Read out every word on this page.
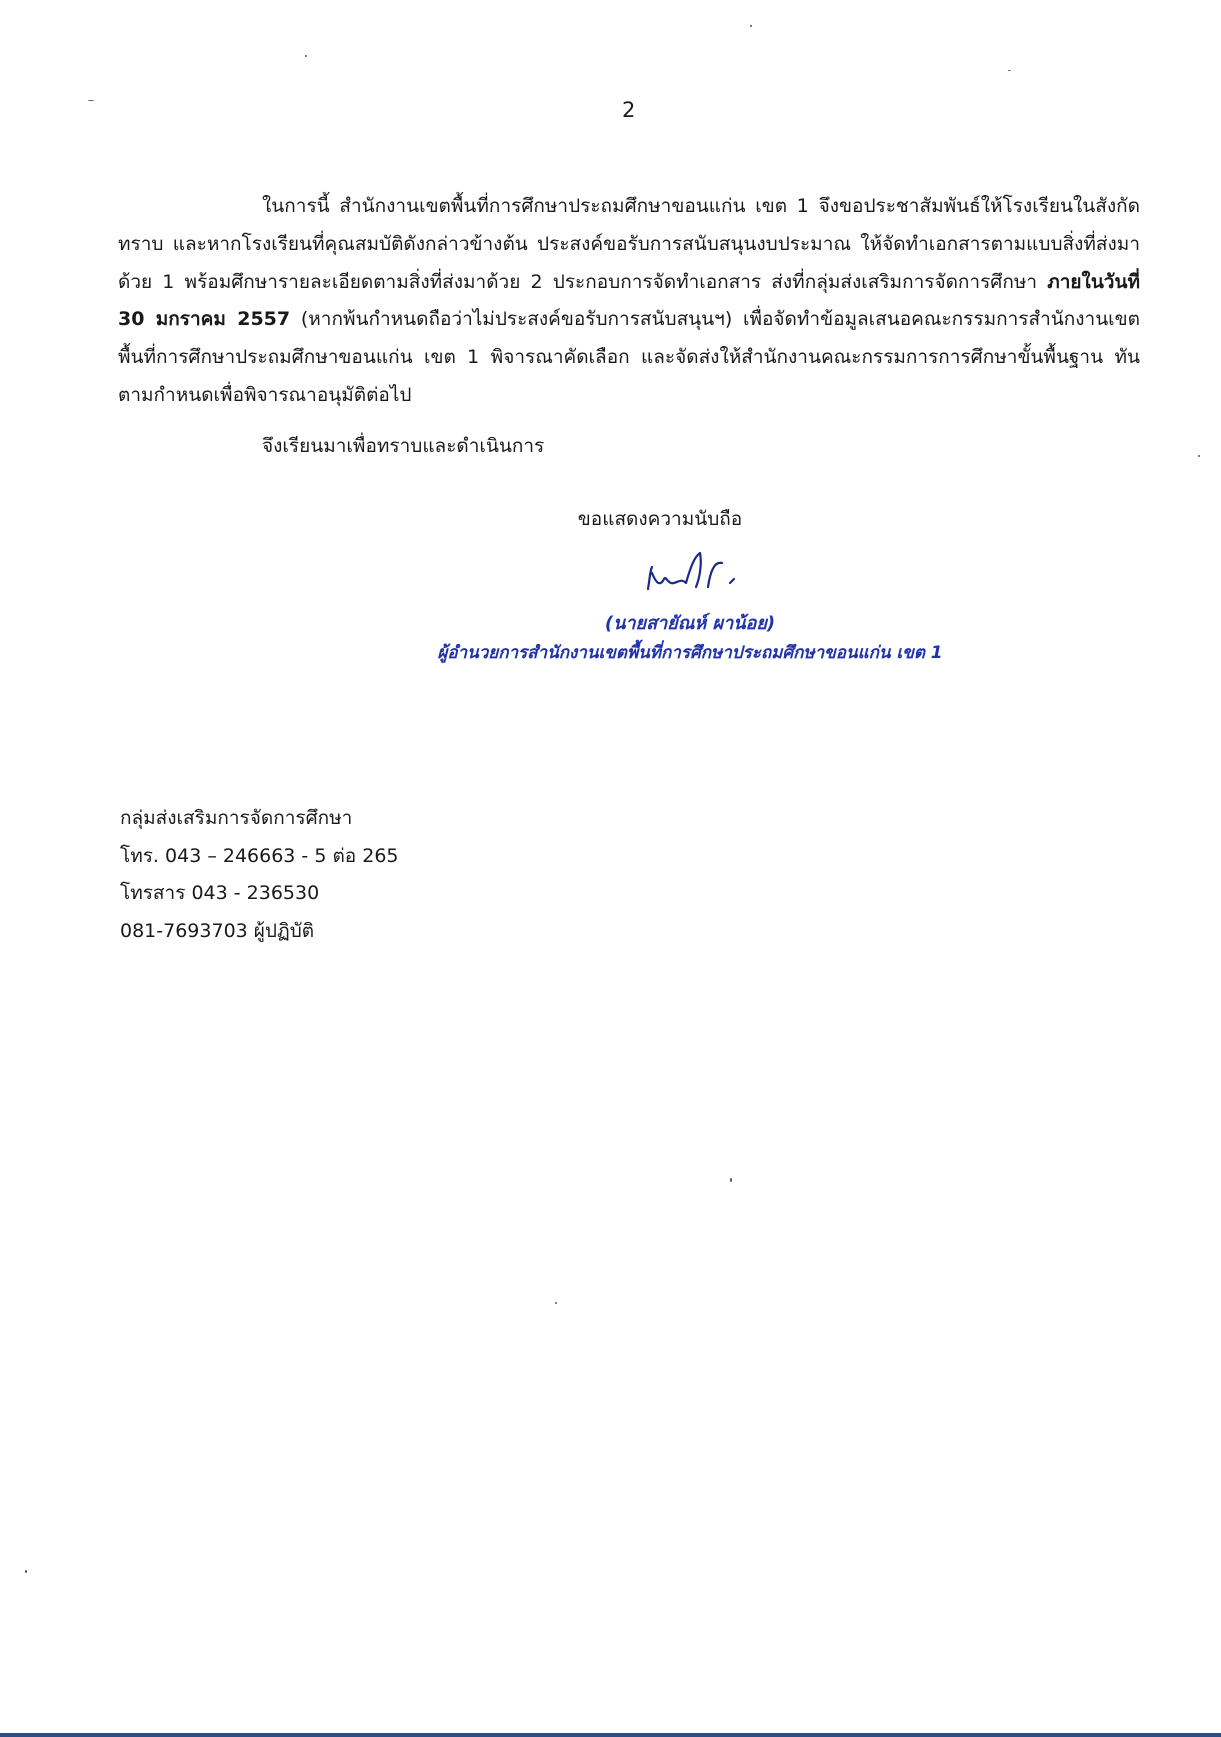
2

ในการนี้ สำนักงานเขตพื้นที่การศึกษาประถมศึกษาขอนแก่น เขต 1 จึงขอประชาสัมพันธ์ให้โรงเรียนในสังกัดทราบ และหากโรงเรียนที่คุณสมบัติดังกล่าวข้างต้น ประสงค์ขอรับการสนับสนุนงบประมาณ ให้จัดทำเอกสารตามแบบสิ่งที่ส่งมาด้วย 1 พร้อมศึกษารายละเอียดตามสิ่งที่ส่งมาด้วย 2 ประกอบการจัดทำเอกสาร ส่งที่กลุ่มส่งเสริมการจัดการศึกษา ภายในวันที่ 30 มกราคม 2557 (หากพ้นกำหนดถือว่าไม่ประสงค์ขอรับการสนับสนุนฯ) เพื่อจัดทำข้อมูลเสนอคณะกรรมการสำนักงานเขตพื้นที่การศึกษาประถมศึกษาขอนแก่น เขต 1 พิจารณาคัดเลือก และจัดส่งให้สำนักงานคณะกรรมการการศึกษาขั้นพื้นฐาน ทันตามกำหนดเพื่อพิจารณาอนุมัติต่อไป

จึงเรียนมาเพื่อทราบและดำเนินการ
ขอแสดงความนับถือ
(นายสายัณห์ ผาน้อย)
ผู้อำนวยการสำนักงานเขตพื้นที่การศึกษาประถมศึกษาขอนแก่น เขต 1
กลุ่มส่งเสริมการจัดการศึกษา
โทร. 043 – 246663 - 5 ต่อ 265
โทรสาร 043 - 236530
081-7693703 ผู้ปฏิบัติ
